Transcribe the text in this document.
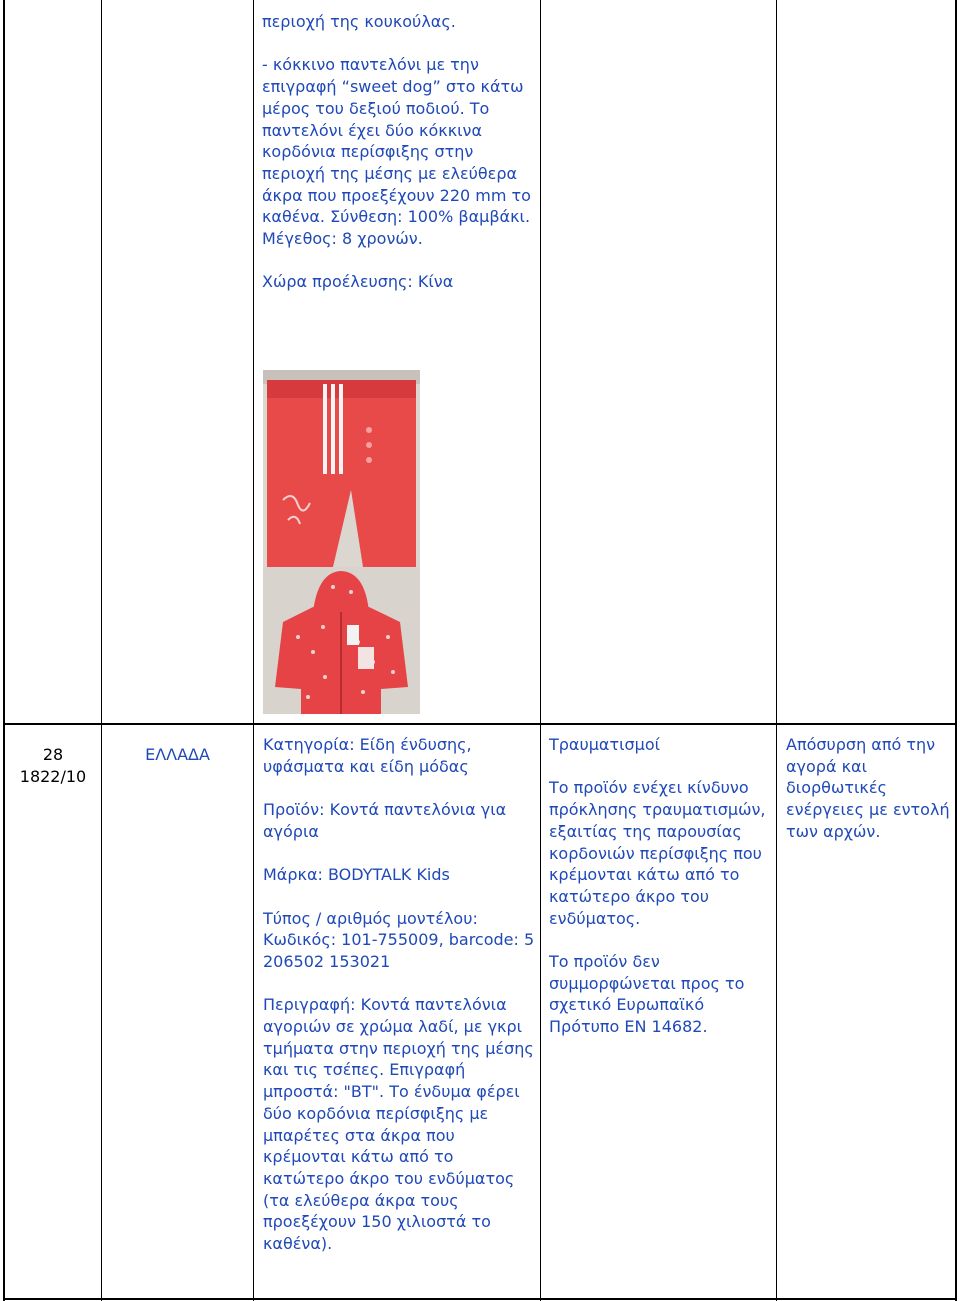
περιοχή της κουκούλας.

- κόκκινο παντελόνι με την επιγραφή “sweet dog” στο κάτω μέρος του δεξιού ποδιού. Το παντελόνι έχει δύο κόκκινα κορδόνια περίσφιξης στην περιοχή της μέσης με ελεύθερα άκρα που προεξέχουν 220 mm το καθένα. Σύνθεση: 100% βαμβάκι. Μέγεθος: 8 χρονών.

Χώρα προέλευσης: Κίνα

28
1822/10
ΕΛΛΑΔΑ

Κατηγορία: Είδη ένδυσης, υφάσματα και είδη μόδας

Προϊόν: Κοντά παντελόνια για αγόρια

Μάρκα: BODYTALK Kids

Τύπος / αριθμός μοντέλου: Κωδικός: 101-755009, barcode: 5 206502 153021

Περιγραφή: Κοντά παντελόνια αγοριών σε χρώμα λαδί, με γκρι τμήματα στην περιοχή της μέσης και τις τσέπες. Επιγραφή μπροστά: "BT". Το ένδυμα φέρει δύο κορδόνια περίσφιξης με μπαρέτες στα άκρα που κρέμονται κάτω από το κατώτερο άκρο του ενδύματος (τα ελεύθερα άκρα τους προεξέχουν 150 χιλιοστά το καθένα).

Τραυματισμοί

Το προϊόν ενέχει κίνδυνο πρόκλησης τραυματισμών, εξαιτίας της παρουσίας κορδονιών περίσφιξης που κρέμονται κάτω από το κατώτερο άκρο του ενδύματος.

Το προϊόν δεν συμμορφώνεται προς το σχετικό Ευρωπαϊκό Πρότυπο EN 14682.

Απόσυρση από την αγορά και διορθωτικές ενέργειες με εντολή των αρχών.
